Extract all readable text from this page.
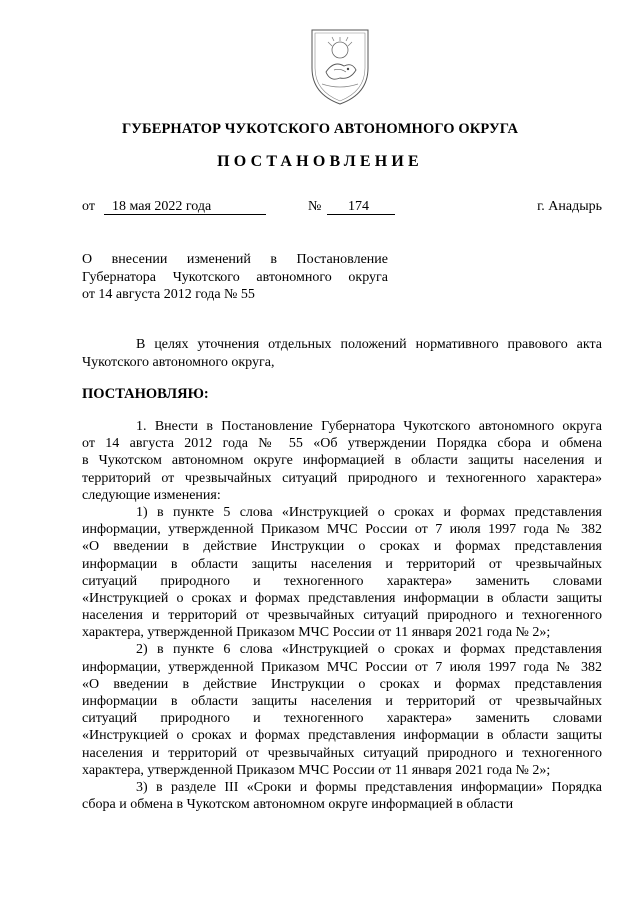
ГУБЕРНАТОР ЧУКОТСКОГО АВТОНОМНОГО ОКРУГА
ПОСТАНОВЛЕНИЕ
от 18 мая 2022 года	№ 174	г. Анадырь
О внесении изменений в Постановление
Губернатора Чукотского автономного округа
от 14 августа 2012 года № 55
В целях уточнения отдельных положений нормативного правового акта
Чукотского автономного округа,
ПОСТАНОВЛЯЮ:
1. Внести в Постановление Губернатора Чукотского автономного округа
от 14 августа 2012 года № 55 «Об утверждении Порядка сбора и обмена
в Чукотском автономном округе информацией в области защиты населения и
территорий от чрезвычайных ситуаций природного и техногенного характера»
следующие изменения:
1) в пункте 5 слова «Инструкцией о сроках и формах представления
информации, утвержденной Приказом МЧС России от 7 июля 1997 года № 382
«О введении в действие Инструкции о сроках и формах представления
информации в области защиты населения и территорий от чрезвычайных
ситуаций природного и техногенного характера» заменить словами
«Инструкцией о сроках и формах представления информации в области защиты
населения и территорий от чрезвычайных ситуаций природного и техногенного
характера, утвержденной Приказом МЧС России от 11 января 2021 года № 2»;
2) в пункте 6 слова «Инструкцией о сроках и формах представления
информации, утвержденной Приказом МЧС России от 7 июля 1997 года № 382
«О введении в действие Инструкции о сроках и формах представления
информации в области защиты населения и территорий от чрезвычайных
ситуаций природного и техногенного характера» заменить словами
«Инструкцией о сроках и формах представления информации в области защиты
населения и территорий от чрезвычайных ситуаций природного и техногенного
характера, утвержденной Приказом МЧС России от 11 января 2021 года № 2»;
3) в разделе III «Сроки и формы представления информации» Порядка
сбора и обмена в Чукотском автономном округе информацией в области
